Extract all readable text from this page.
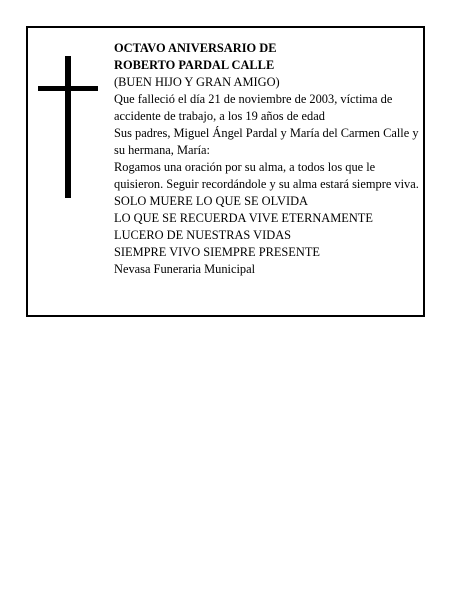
OCTAVO ANIVERSARIO DE
ROBERTO PARDAL CALLE
(BUEN HIJO Y GRAN AMIGO)
Que falleció el día 21 de noviembre de 2003, víctima de accidente de trabajo, a los 19 años de edad
Sus padres, Miguel Ángel Pardal y María del Carmen Calle y su hermana, María:
Rogamos una oración por su alma, a todos los que le quisieron. Seguir recordándole y su alma estará siempre viva.
SOLO MUERE LO QUE SE OLVIDA
LO QUE SE RECUERDA VIVE ETERNAMENTE
LUCERO DE NUESTRAS VIDAS
SIEMPRE VIVO SIEMPRE PRESENTE
Nevasa Funeraria Municipal
